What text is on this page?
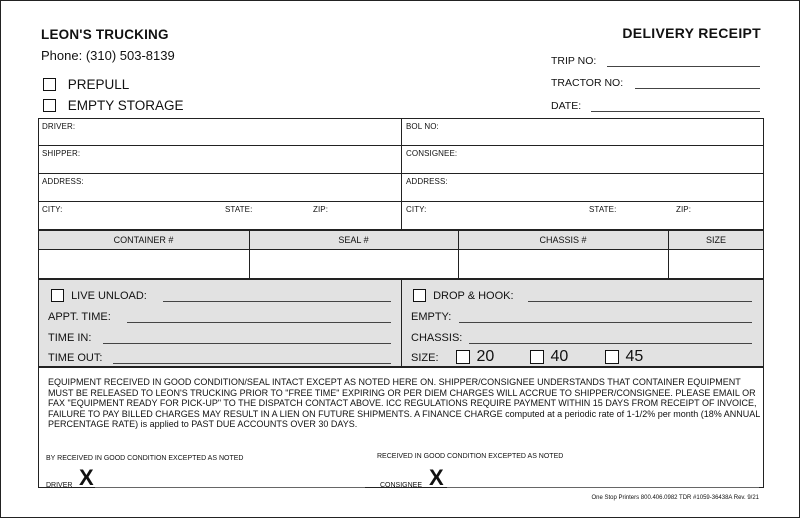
LEON'S TRUCKING
Phone: (310) 503-8139
PREPULL
EMPTY STORAGE
DELIVERY RECEIPT
TRIP NO:
TRACTOR NO:
DATE:
DRIVER:	BOL NO:
SHIPPER:	CONSIGNEE:
ADDRESS:	ADDRESS:
CITY:	STATE:	ZIP:	CITY:	STATE:	ZIP:
CONTAINER #	SEAL #	CHASSIS #	SIZE
LIVE UNLOAD:
APPT. TIME:
TIME IN:
TIME OUT:
DROP & HOOK:
EMPTY:
CHASSIS:
SIZE:	20	40	45
EQUIPMENT RECEIVED IN GOOD CONDITION/SEAL INTACT EXCEPT AS NOTED HERE ON. SHIPPER/CONSIGNEE UNDERSTANDS THAT CONTAINER EQUIPMENT MUST BE RELEASED TO LEON'S TRUCKING PRIOR TO "FREE TIME" EXPIRING OR PER DIEM CHARGES WILL ACCRUE TO SHIPPER/CONSIGNEE. PLEASE EMAIL OR FAX "EQUIPMENT READY FOR PICK-UP" TO THE DISPATCH CONTACT ABOVE. ICC REGULATIONS REQUIRE PAYMENT WITHIN 15 DAYS FROM RECEIPT OF INVOICE, FAILURE TO PAY BILLED CHARGES MAY RESULT IN A LIEN ON FUTURE SHIPMENTS. A FINANCE CHARGE computed at a periodic rate of 1-1/2% per month (18% ANNUAL PERCENTAGE RATE) is applied to PAST DUE ACCOUNTS OVER 30 DAYS.
BY RECEIVED IN GOOD CONDITION EXCEPTED AS NOTED	RECEIVED IN GOOD CONDITION EXCEPTED AS NOTED
DRIVER X	CONSIGNEE X
One Stop Printers 800.406.0982 TDR #1059-36438A Rev. 9/21
